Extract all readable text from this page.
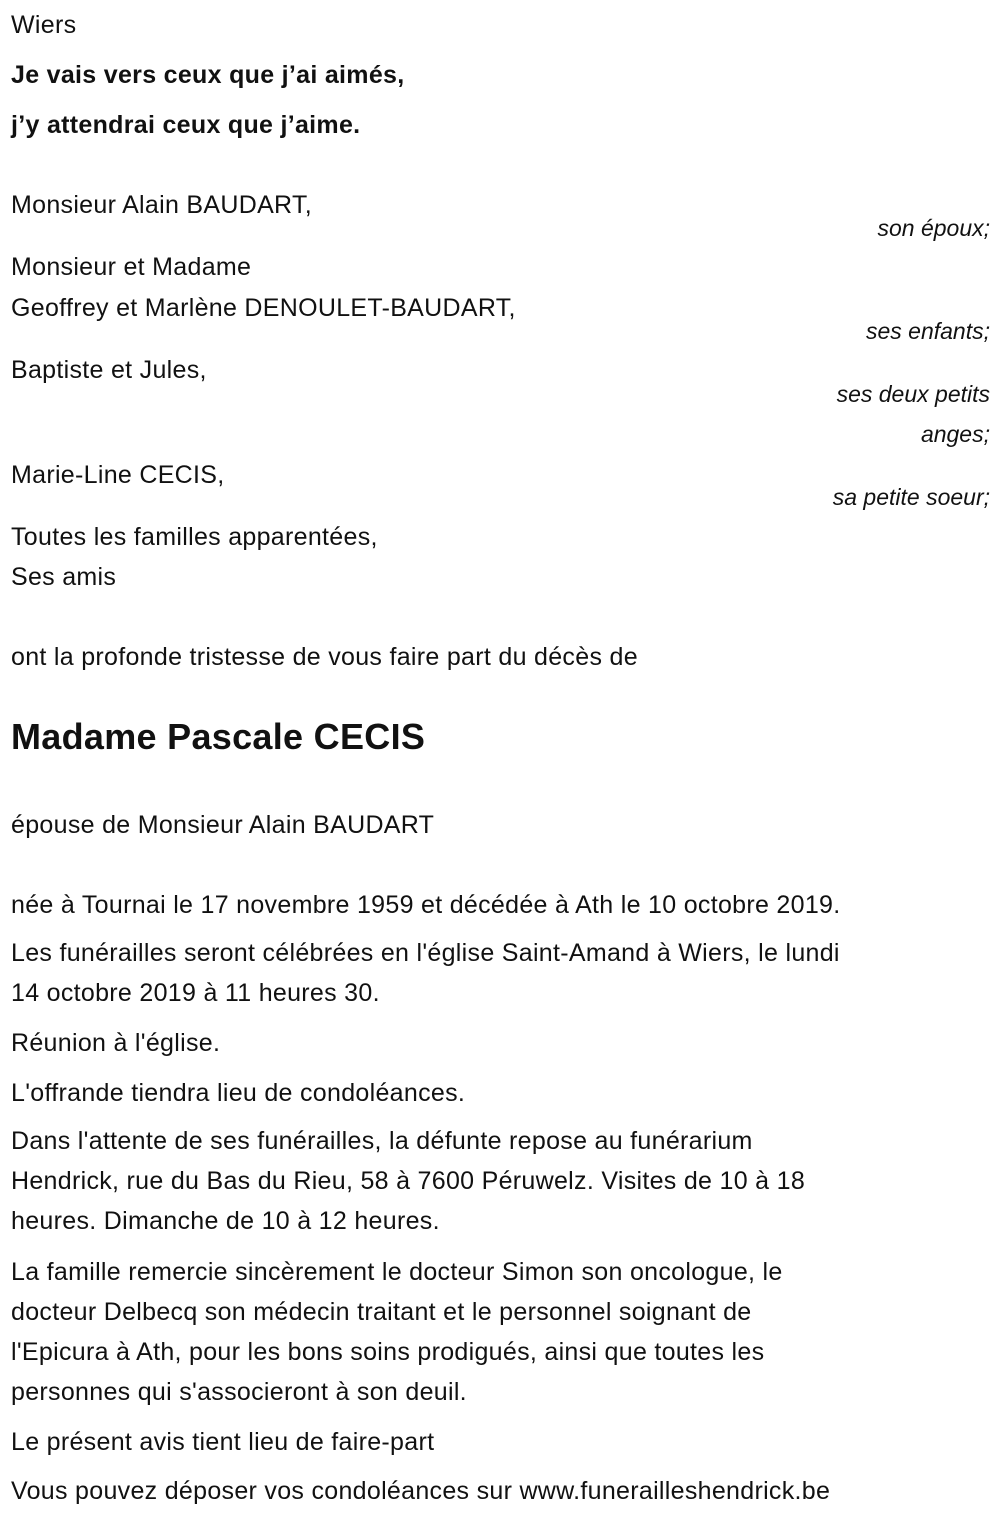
Wiers
Je vais vers ceux que j’ai aimés,
j’y attendrai ceux que j’aime.
Monsieur Alain BAUDART,
son époux;
Monsieur et Madame
Geoffrey et Marlène DENOULET-BAUDART,
ses enfants;
Baptiste et Jules,
ses deux petits
anges;
Marie-Line CECIS,
sa petite soeur;
Toutes les familles apparentées,
Ses amis
ont la profonde tristesse de vous faire part du décès de
Madame Pascale CECIS
épouse de Monsieur Alain BAUDART
née à Tournai le 17 novembre 1959 et décédée à Ath le 10 octobre 2019.
Les funérailles seront célébrées en l'église Saint-Amand à Wiers, le lundi
14 octobre 2019 à 11 heures 30.
Réunion à l'église.
L'offrande tiendra lieu de condoléances.
Dans l'attente de ses funérailles, la défunte repose au funérarium
Hendrick, rue du Bas du Rieu, 58 à 7600 Péruwelz. Visites de 10 à 18
heures. Dimanche de 10 à 12 heures.
La famille remercie sincèrement le docteur Simon son oncologue, le
docteur Delbecq son médecin traitant et le personnel soignant de
l'Epicura à Ath, pour les bons soins prodigués, ainsi que toutes les
personnes qui s'associeront à son deuil.
Le présent avis tient lieu de faire-part
Vous pouvez déposer vos condoléances sur www.funerailleshendrick.be
